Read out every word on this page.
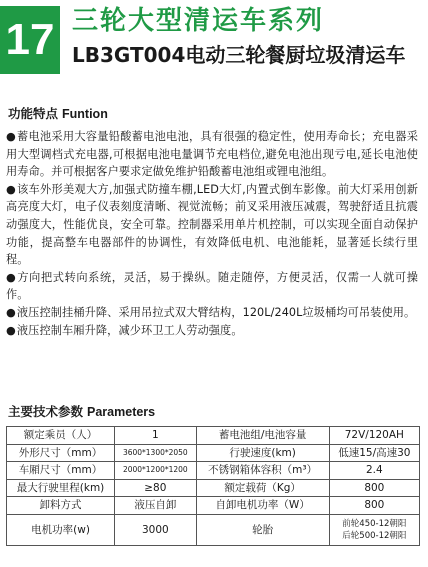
17 三轮大型清运车系列
LB3GT004电动三轮餐厨垃圾清运车
功能特点 Funtion

●蓄电池采用大容量铅酸蓄电池电池，具有很强的稳定性，使用寿命长；充电器采用大型调档式充电器,可根据电池电量调节充电档位,避免电池出现亏电,延长电池使用寿命。并可根据客户要求定做免维护铅酸蓄电池组或锂电池组。

●该车外形美观大方,加强式防撞车棚,LED大灯,内置式倒车影像。前大灯采用创新高亮度大灯，电子仪表刻度清晰、视觉流畅；前叉采用液压减震，驾驶舒适且抗震动强度大，性能优良，安全可靠。控制器采用单片机控制，可以实现全面自动保护功能，提高整车电器部件的协调性，有效降低电机、电池能耗，显著延长续行里程。

●方向把式转向系统，灵活，易于操纵。随走随停，方便灵活，仅需一人就可操作。

●液压控制挂桶升降、采用吊拉式双大臂结构，120L/240L垃圾桶均可吊装使用。

●液压控制车厢升降，减少环卫工人劳动强度。

主要技术参数 Parameters
额定乘员（人）	1	蓄电池组/电池容量	72V/120AH
外形尺寸（mm）	3600*1300*2050	行驶速度(km)	低速15/高速30
车厢尺寸（mm）	2000*1200*1200	不锈钢箱体容积（m³）	2.4
最大行驶里程(km)	≥80	额定载荷（Kg）	800
卸料方式	液压自卸	自卸电机功率（W）	800
电机功率(w)	3000	轮胎	前轮450-12朝阳
后轮500-12朝阳
